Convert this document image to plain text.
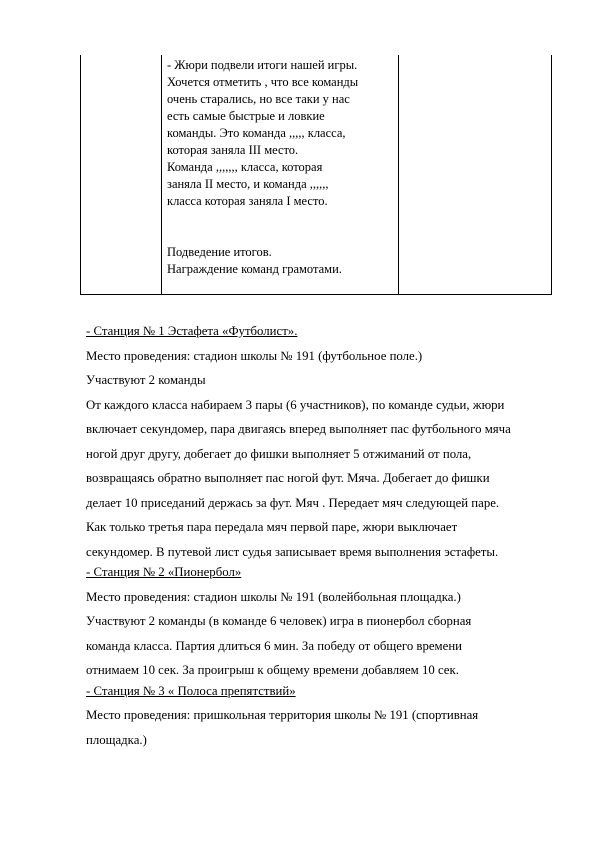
- Жюри подвели итоги нашей игры.
Хочется отметить , что все команды
очень старались, но все таки у нас
есть самые быстрые и ловкие
команды. Это команда ,,,,, класса,
которая заняла III место.
Команда ,,,,,,, класса, которая
заняла II место, и команда ,,,,,,
класса которая заняла I место.
Подведение итогов.
Награждение команд грамотами.
- Станция № 1 Эстафета «Футболист».
Место проведения: стадион школы № 191 (футбольное поле.)
Участвуют 2 команды
От каждого класса набираем 3 пары (6 участников), по команде судьи, жюри
включает секундомер, пара двигаясь вперед выполняет пас футбольного мяча
ногой друг другу, добегает до фишки выполняет 5 отжиманий от пола,
возвращаясь обратно выполняет пас ногой фут. Мяча. Добегает до фишки
делает 10 приседаний держась за фут. Мяч . Передает мяч следующей паре.
Как только третья пара передала мяч первой паре, жюри выключает
секундомер. В путевой лист судья записывает время выполнения эстафеты.
- Станция № 2 «Пионербол»
Место проведения: стадион школы № 191 (волейбольная площадка.)
Участвуют 2 команды (в команде 6 человек) игра в пионербол сборная
команда класса. Партия длиться 6 мин. За победу от общего времени
отнимаем 10 сек. За проигрыш к общему времени добавляем 10 сек.
- Станция № 3 « Полоса препятствий»
Место проведения: пришкольная территория школы № 191 (спортивная
площадка.)
